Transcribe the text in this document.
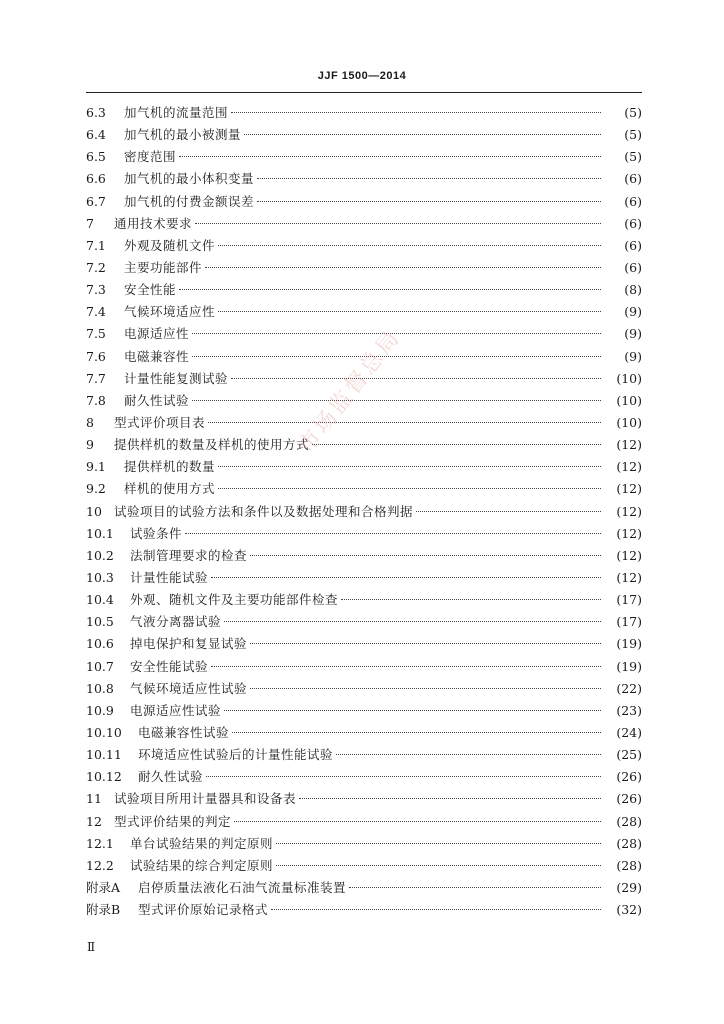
JJF 1500—2014
6.3	加气机的流量范围	(5)
6.4	加气机的最小被测量	(5)
6.5	密度范围	(5)
6.6	加气机的最小体积变量	(6)
6.7	加气机的付费金额误差	(6)
7	通用技术要求	(6)
7.1	外观及随机文件	(6)
7.2	主要功能部件	(6)
7.3	安全性能	(8)
7.4	气候环境适应性	(9)
7.5	电源适应性	(9)
7.6	电磁兼容性	(9)
7.7	计量性能复测试验	(10)
7.8	耐久性试验	(10)
8	型式评价项目表	(10)
9	提供样机的数量及样机的使用方式	(12)
9.1	提供样机的数量	(12)
9.2	样机的使用方式	(12)
10 试验项目的试验方法和条件以及数据处理和合格判据	(12)
10.1	试验条件	(12)
10.2	法制管理要求的检查	(12)
10.3	计量性能试验	(12)
10.4	外观、随机文件及主要功能部件检查	(17)
10.5	气液分离器试验	(17)
10.6	掉电保护和复显试验	(19)
10.7	安全性能试验	(19)
10.8	气候环境适应性试验	(22)
10.9	电源适应性试验	(23)
10.10	电磁兼容性试验	(24)
10.11	环境适应性试验后的计量性能试验	(25)
10.12	耐久性试验	(26)
11 试验项目所用计量器具和设备表	(26)
12 型式评价结果的判定	(28)
12.1	单台试验结果的判定原则	(28)
12.2	试验结果的综合判定原则	(28)
附录A	启停质量法液化石油气流量标准装置	(29)
附录B	型式评价原始记录格式	(32)
市场监督总局
Ⅱ
